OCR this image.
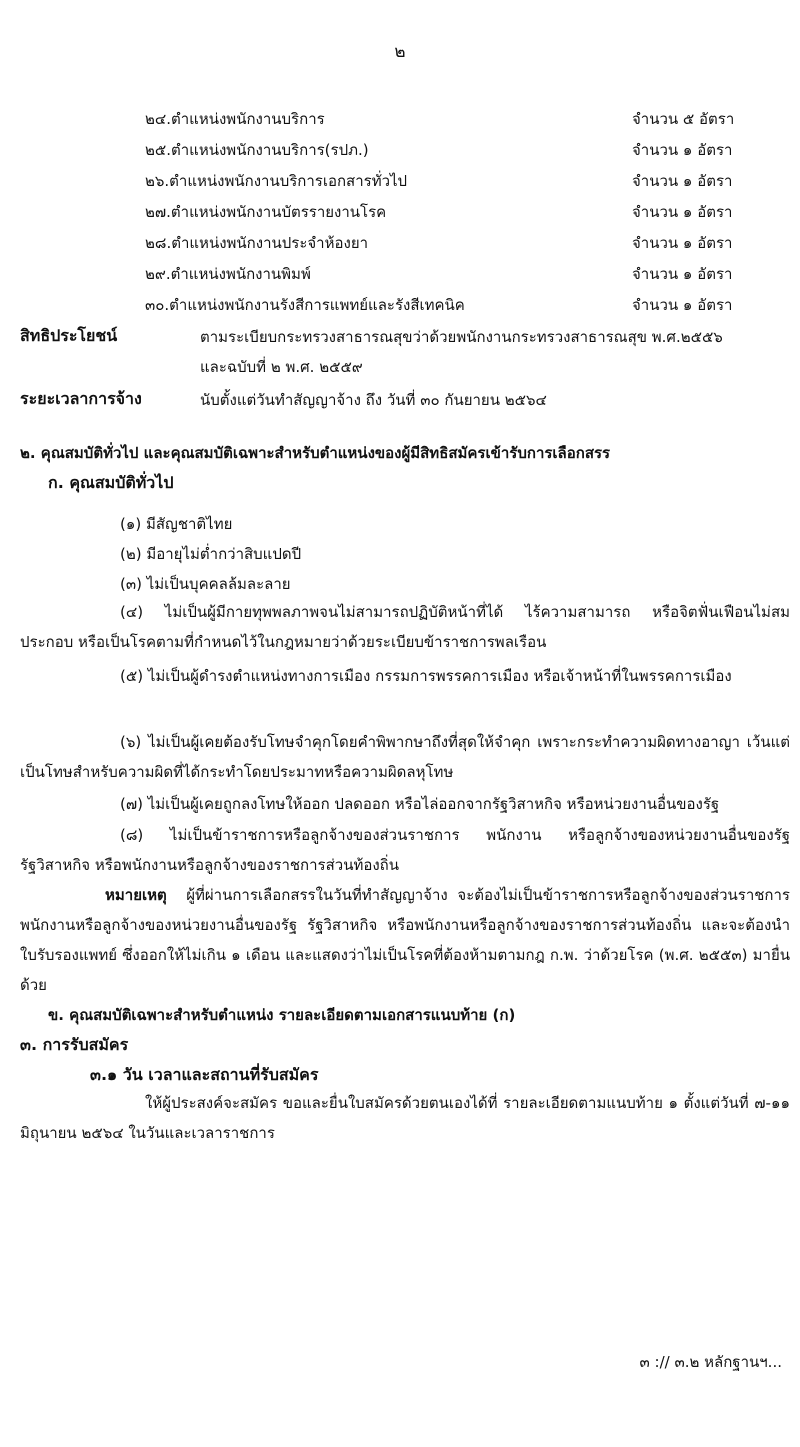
๒
๒๔.ตำแหน่งพนักงานบริการ	จำนวน ๕ อัตรา
๒๕.ตำแหน่งพนักงานบริการ(รปภ.)	จำนวน ๑ อัตรา
๒๖.ตำแหน่งพนักงานบริการเอกสารทั่วไป	จำนวน ๑ อัตรา
๒๗.ตำแหน่งพนักงานบัตรรายงานโรค	จำนวน ๑ อัตรา
๒๘.ตำแหน่งพนักงานประจำห้องยา	จำนวน ๑ อัตรา
๒๙.ตำแหน่งพนักงานพิมพ์	จำนวน ๑ อัตรา
๓๐.ตำแหน่งพนักงานรังสีการแพทย์และรังสีเทคนิค	จำนวน ๑ อัตรา
สิทธิประโยชน์	ตามระเบียบกระทรวงสาธารณสุขว่าด้วยพนักงานกระทรวงสาธารณสุข พ.ศ.๒๕๕๖
และฉบับที่ ๒ พ.ศ. ๒๕๕๙
ระยะเวลาการจ้าง	นับตั้งแต่วันทำสัญญาจ้าง ถึง วันที่ ๓๐ กันยายน ๒๕๖๔
๒. คุณสมบัติทั่วไป และคุณสมบัติเฉพาะสำหรับตำแหน่งของผู้มีสิทธิสมัครเข้ารับการเลือกสรร
ก. คุณสมบัติทั่วไป
(๑) มีสัญชาติไทย
(๒) มีอายุไม่ต่ำกว่าสิบแปดปี
(๓) ไม่เป็นบุคคลล้มละลาย
(๔) ไม่เป็นผู้มีกายทุพพลภาพจนไม่สามารถปฏิบัติหน้าที่ได้ ไร้ความสามารถ หรือจิตฟั่นเฟือนไม่สมประกอบ หรือเป็นโรคตามที่กำหนดไว้ในกฎหมายว่าด้วยระเบียบข้าราชการพลเรือน
(๕) ไม่เป็นผู้ดำรงตำแหน่งทางการเมือง กรรมการพรรคการเมือง หรือเจ้าหน้าที่ในพรรคการเมือง
(๖) ไม่เป็นผู้เคยต้องรับโทษจำคุกโดยคำพิพากษาถึงที่สุดให้จำคุก เพราะกระทำความผิดทางอาญา เว้นแต่เป็นโทษสำหรับความผิดที่ได้กระทำโดยประมาทหรือความผิดลหุโทษ
(๗) ไม่เป็นผู้เคยถูกลงโทษให้ออก ปลดออก หรือไล่ออกจากรัฐวิสาหกิจ หรือหน่วยงานอื่นของรัฐ
(๘) ไม่เป็นข้าราชการหรือลูกจ้างของส่วนราชการ พนักงาน หรือลูกจ้างของหน่วยงานอื่นของรัฐ รัฐวิสาหกิจ หรือพนักงานหรือลูกจ้างของราชการส่วนท้องถิ่น
หมายเหตุ ผู้ที่ผ่านการเลือกสรรในวันที่ทำสัญญาจ้าง จะต้องไม่เป็นข้าราชการหรือลูกจ้างของส่วนราชการ พนักงานหรือลูกจ้างของหน่วยงานอื่นของรัฐ รัฐวิสาหกิจ หรือพนักงานหรือลูกจ้างของราชการส่วนท้องถิ่น และจะต้องนำใบรับรองแพทย์ ซึ่งออกให้ไม่เกิน ๑ เดือน และแสดงว่าไม่เป็นโรคที่ต้องห้ามตามกฎ ก.พ. ว่าด้วยโรค (พ.ศ. ๒๕๕๓) มายื่นด้วย
ข. คุณสมบัติเฉพาะสำหรับตำแหน่ง รายละเอียดตามเอกสารแนบท้าย (ก)
๓. การรับสมัคร
๓.๑ วัน เวลาและสถานที่รับสมัคร
ให้ผู้ประสงค์จะสมัคร ขอและยื่นใบสมัครด้วยตนเองได้ที่ รายละเอียดตามแนบท้าย ๑ ตั้งแต่วันที่ ๗-๑๑ มิถุนายน ๒๕๖๔ ในวันและเวลาราชการ
๓ :// ๓.๒ หลักฐานฯ...
